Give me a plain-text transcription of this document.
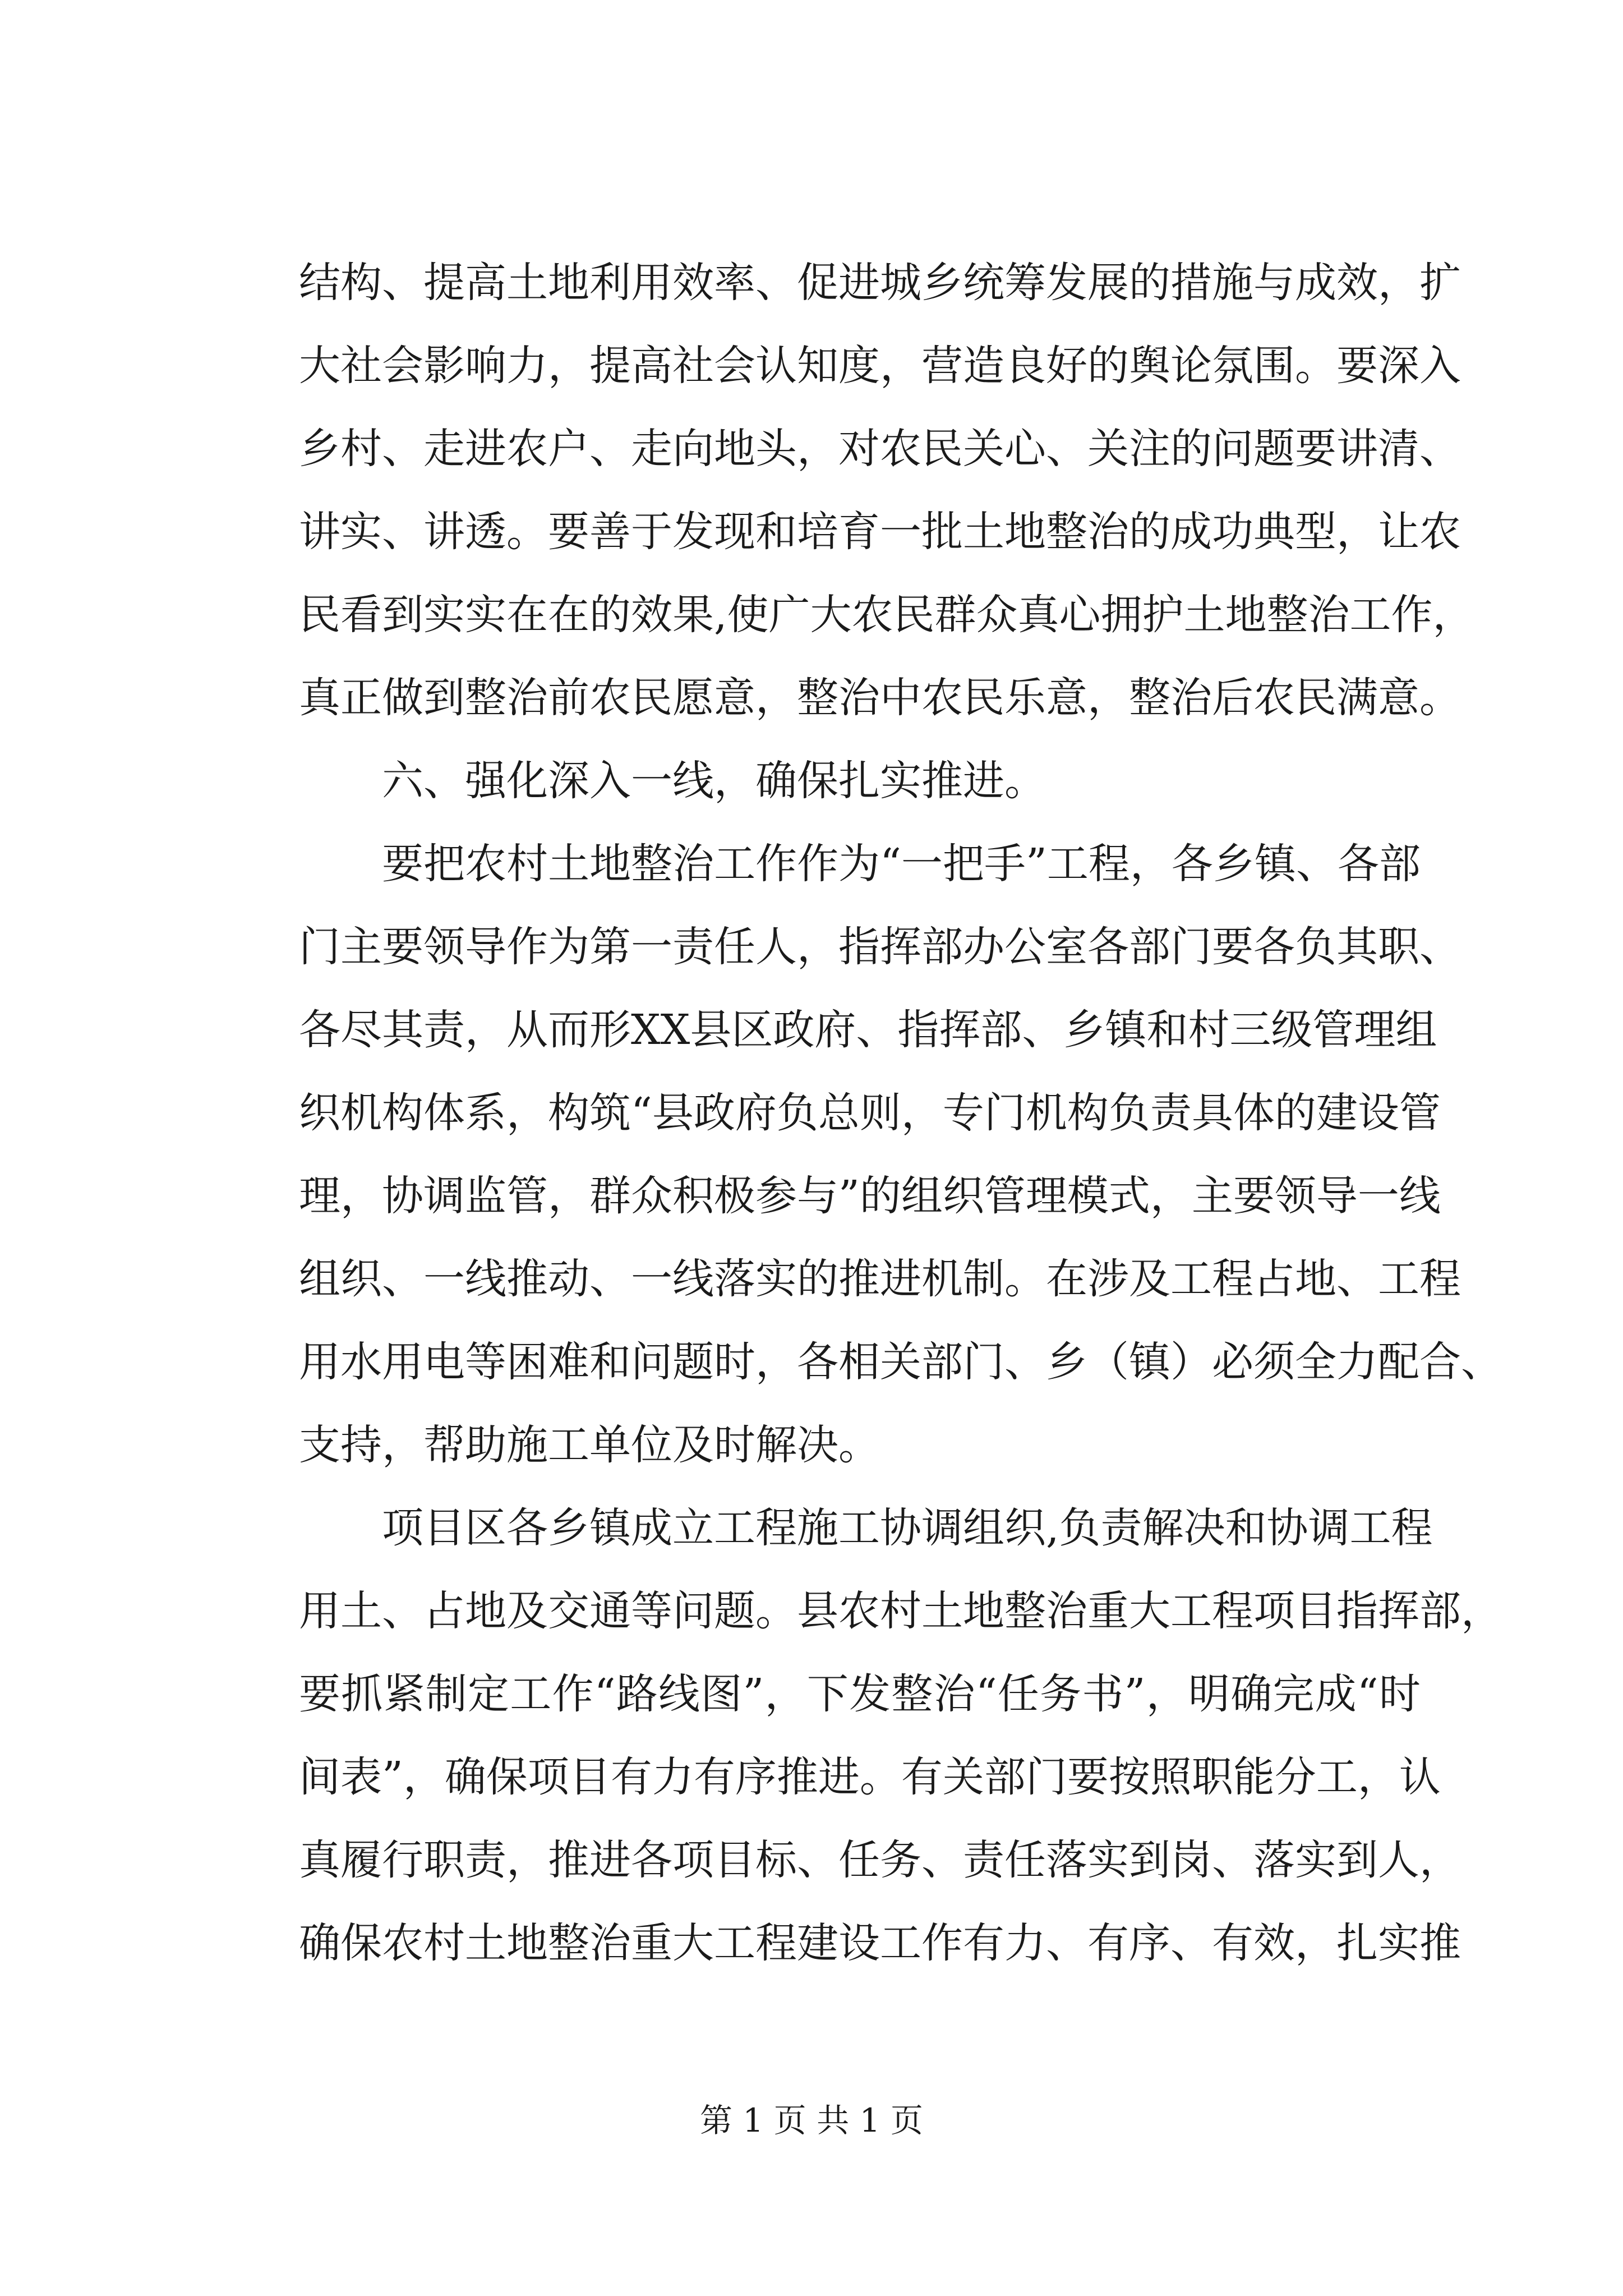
结构、提高土地利用效率、促进城乡统筹发展的措施与成效，扩
大社会影响力，提高社会认知度，营造良好的舆论氛围。要深入
乡村、走进农户、走向地头，对农民关心、关注的问题要讲清、
讲实、讲透。要善于发现和培育一批土地整治的成功典型，让农
民看到实实在在的效果,使广大农民群众真心拥护土地整治工作，
真正做到整治前农民愿意，整治中农民乐意，整治后农民满意。
　　六、强化深入一线，确保扎实推进。
　　要把农村土地整治工作作为“一把手”工程，各乡镇、各部
门主要领导作为第一责任人，指挥部办公室各部门要各负其职、
各尽其责，从而形XX县区政府、指挥部、乡镇和村三级管理组
织机构体系，构筑“县政府负总则，专门机构负责具体的建设管
理，协调监管，群众积极参与”的组织管理模式，主要领导一线
组织、一线推动、一线落实的推进机制。在涉及工程占地、工程
用水用电等困难和问题时，各相关部门、乡（镇）必须全力配合、
支持，帮助施工单位及时解决。
　　项目区各乡镇成立工程施工协调组织,负责解决和协调工程
用土、占地及交通等问题。县农村土地整治重大工程项目指挥部，
要抓紧制定工作“路线图”，下发整治“任务书”，明确完成“时
间表”，确保项目有力有序推进。有关部门要按照职能分工，认
真履行职责，推进各项目标、任务、责任落实到岗、落实到人，
确保农村土地整治重大工程建设工作有力、有序、有效，扎实推
第 1 页 共 1 页
